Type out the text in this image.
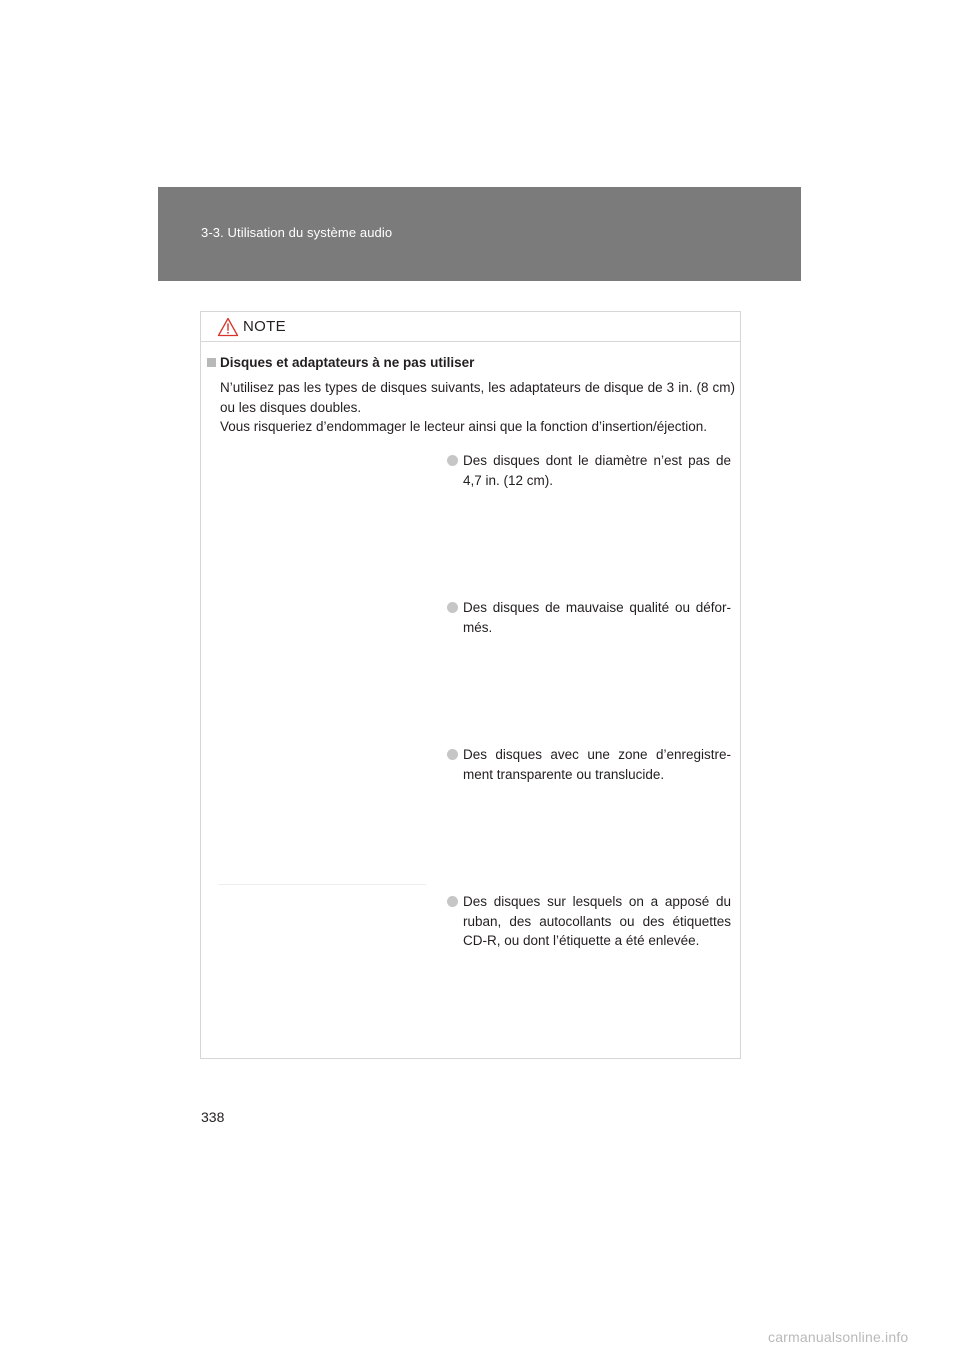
3-3. Utilisation du système audio
NOTE
Disques et adaptateurs à ne pas utiliser

N’utilisez pas les types de disques suivants, les adaptateurs de disque de 3 in. (8 cm) ou les disques doubles.

Vous risqueriez d’endommager le lecteur ainsi que la fonction d’insertion/éjection.

Des disques dont le diamètre n’est pas de 4,7 in. (12 cm).
Des disques de mauvaise qualité ou défor-més.
Des disques avec une zone d’enregistre-ment transparente ou translucide.
Des disques sur lesquels on a apposé du ruban, des autocollants ou des étiquettes CD-R, ou dont l’étiquette a été enlevée.
338
carmanualsonline.info
